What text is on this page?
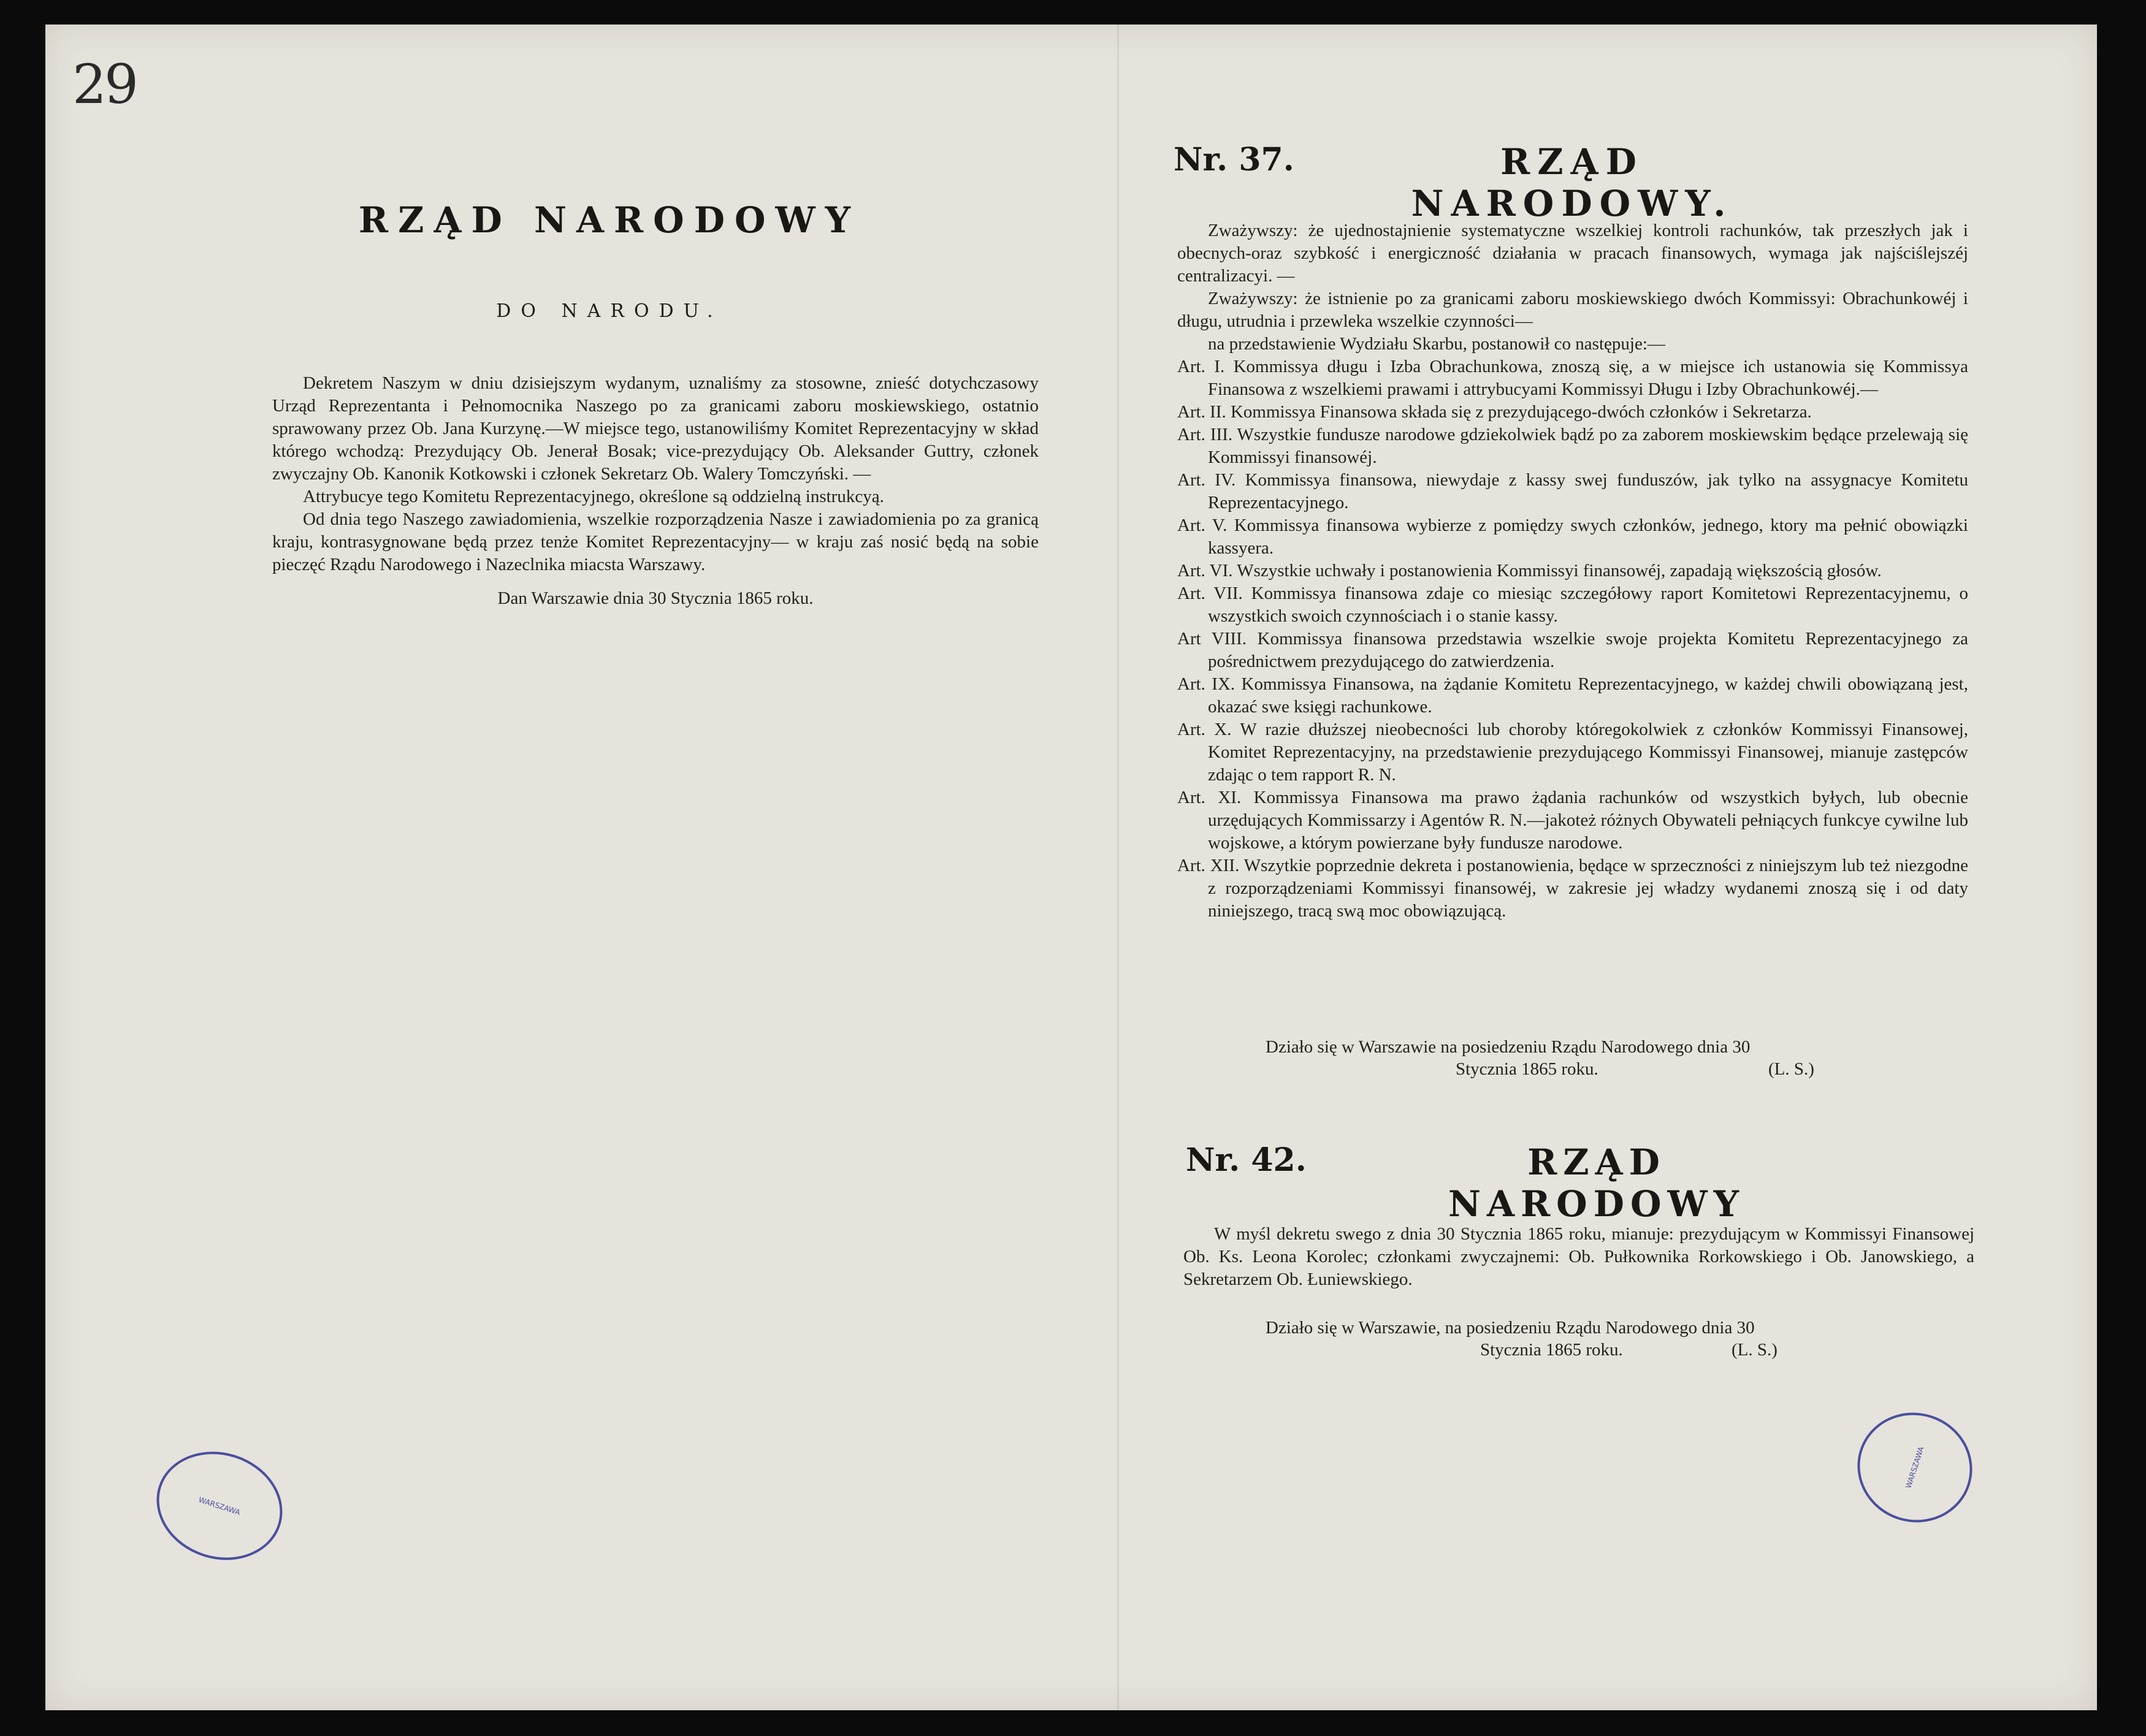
29
RZĄD NARODOWY
DO NARODU.

Dekretem Naszym w dniu dzisiejszym wydanym, uznaliśmy za stosowne, znieść dotychczasowy Urząd Reprezentanta i Pełnomocnika Naszego po za granicami zaboru moskiewskiego, ostatnio sprawowany przez Ob. Jana Kurzynę.—W miejsce tego, ustanowiliśmy Komitet Reprezentacyjny w skład którego wchodzą: Prezydujący Ob. Jenerał Bosak; vice-prezydujący Ob. Aleksander Guttry, członek zwyczajny Ob. Kanonik Kotkowski i członek Sekretarz Ob. Walery Tomczyński. —

Attrybucye tego Komitetu Reprezentacyjnego, określone są oddzielną instrukcyą.

Od dnia tego Naszego zawiadomienia, wszelkie rozporządzenia Nasze i zawiadomienia po za granicą kraju, kontrasygnowane będą przez tenże Komitet Reprezentacyjny— w kraju zaś nosić będą na sobie pieczęć Rządu Narodowego i Nazeclnika miacsta Warszawy.

Dan Warszawie dnia 30 Stycznia 1865 roku.

Nr. 37.	RZĄD NARODOWY.

Zważywszy: że ujednostajnienie systematyczne wszelkiej kontroli rachunków, tak przeszłych jak i obecnych-oraz szybkość i energiczność działania w pracach finansowych, wymaga jak najściślejszéj centralizacyi. —

Zważywszy: że istnienie po za granicami zaboru moskiewskiego dwóch Kommissyi: Obrachunkowéj i długu, utrudnia i przewleka wszelkie czynności—

na przedstawienie Wydziału Skarbu, postanowił co następuje:—

Art. I. Kommissya długu i Izba Obrachunkowa, znoszą się, a w miejsce ich ustanowia się Kommissya Finansowa z wszelkiemi prawami i attrybucyami Kommissyi Długu i Izby Obrachunkowéj.—

Art. II. Kommissya Finansowa składa się z prezydującego-dwóch członków i Sekretarza.

Art. III. Wszystkie fundusze narodowe gdziekolwiek bądź po za zaborem moskiewskim będące przelewają się Kommissyi finansowéj.

Art. IV. Kommissya finansowa, niewydaje z kassy swej funduszów, jak tylko na assygnacye Komitetu Reprezentacyjnego.

Art. V. Kommissya finansowa wybierze z pomiędzy swych członków, jednego, ktory ma pełnić obowiązki kassyera.

Art. VI. Wszystkie uchwały i postanowienia Kommissyi finansowéj, zapadają większością głosów.

Art. VII. Kommissya finansowa zdaje co miesiąc szczegółowy raport Komitetowi Reprezentacyjnemu, o wszystkich swoich czynnościach i o stanie kassy.

Art VIII. Kommissya finansowa przedstawia wszelkie swoje projekta Komitetu Reprezentacyjnego za pośrednictwem prezydującego do zatwierdzenia.

Art. IX. Kommissya Finansowa, na żądanie Komitetu Reprezentacyjnego, w każdej chwili obowiązaną jest, okazać swe księgi rachunkowe.

Art. X. W razie dłuższej nieobecności lub choroby któregokolwiek z członków Kommissyi Finansowej, Komitet Reprezentacyjny, na przedstawienie prezydującego Kommissyi Finansowej, mianuje zastępców zdając o tem rapport R. N.

Art. XI. Kommissya Finansowa ma prawo żądania rachunków od wszystkich byłych, lub obecnie urzędujących Kommissarzy i Agentów R. N.—jakoteż różnych Obywateli pełniących funkcye cywilne lub wojskowe, a którym powierzane były fundusze narodowe.

Art. XII. Wszytkie poprzednie dekreta i postanowienia, będące w sprzeczności z niniejszym lub też niezgodne z rozporządzeniami Kommissyi finansowéj, w zakresie jej władzy wydanemi znoszą się i od daty niniejszego, tracą swą moc obowiązującą.

Działo się w Warszawie na posiedzeniu Rządu Narodowego dnia 30
Stycznia 1865 roku.	(L. S.)
Nr. 42.	RZĄD NARODOWY

W myśl dekretu swego z dnia 30 Stycznia 1865 roku, mianuje: prezydującym w Kommissyi Finansowej Ob. Ks. Leona Korolec; członkami zwyczajnemi: Ob. Pułkownika Rorkowskiego i Ob. Janowskiego, a Sekretarzem Ob. Łuniewskiego.

Działo się w Warszawie, na posiedzeniu Rządu Narodowego dnia 30
Stycznia 1865 roku.	(L. S.)
WARSZAWA
WARSZAWA
